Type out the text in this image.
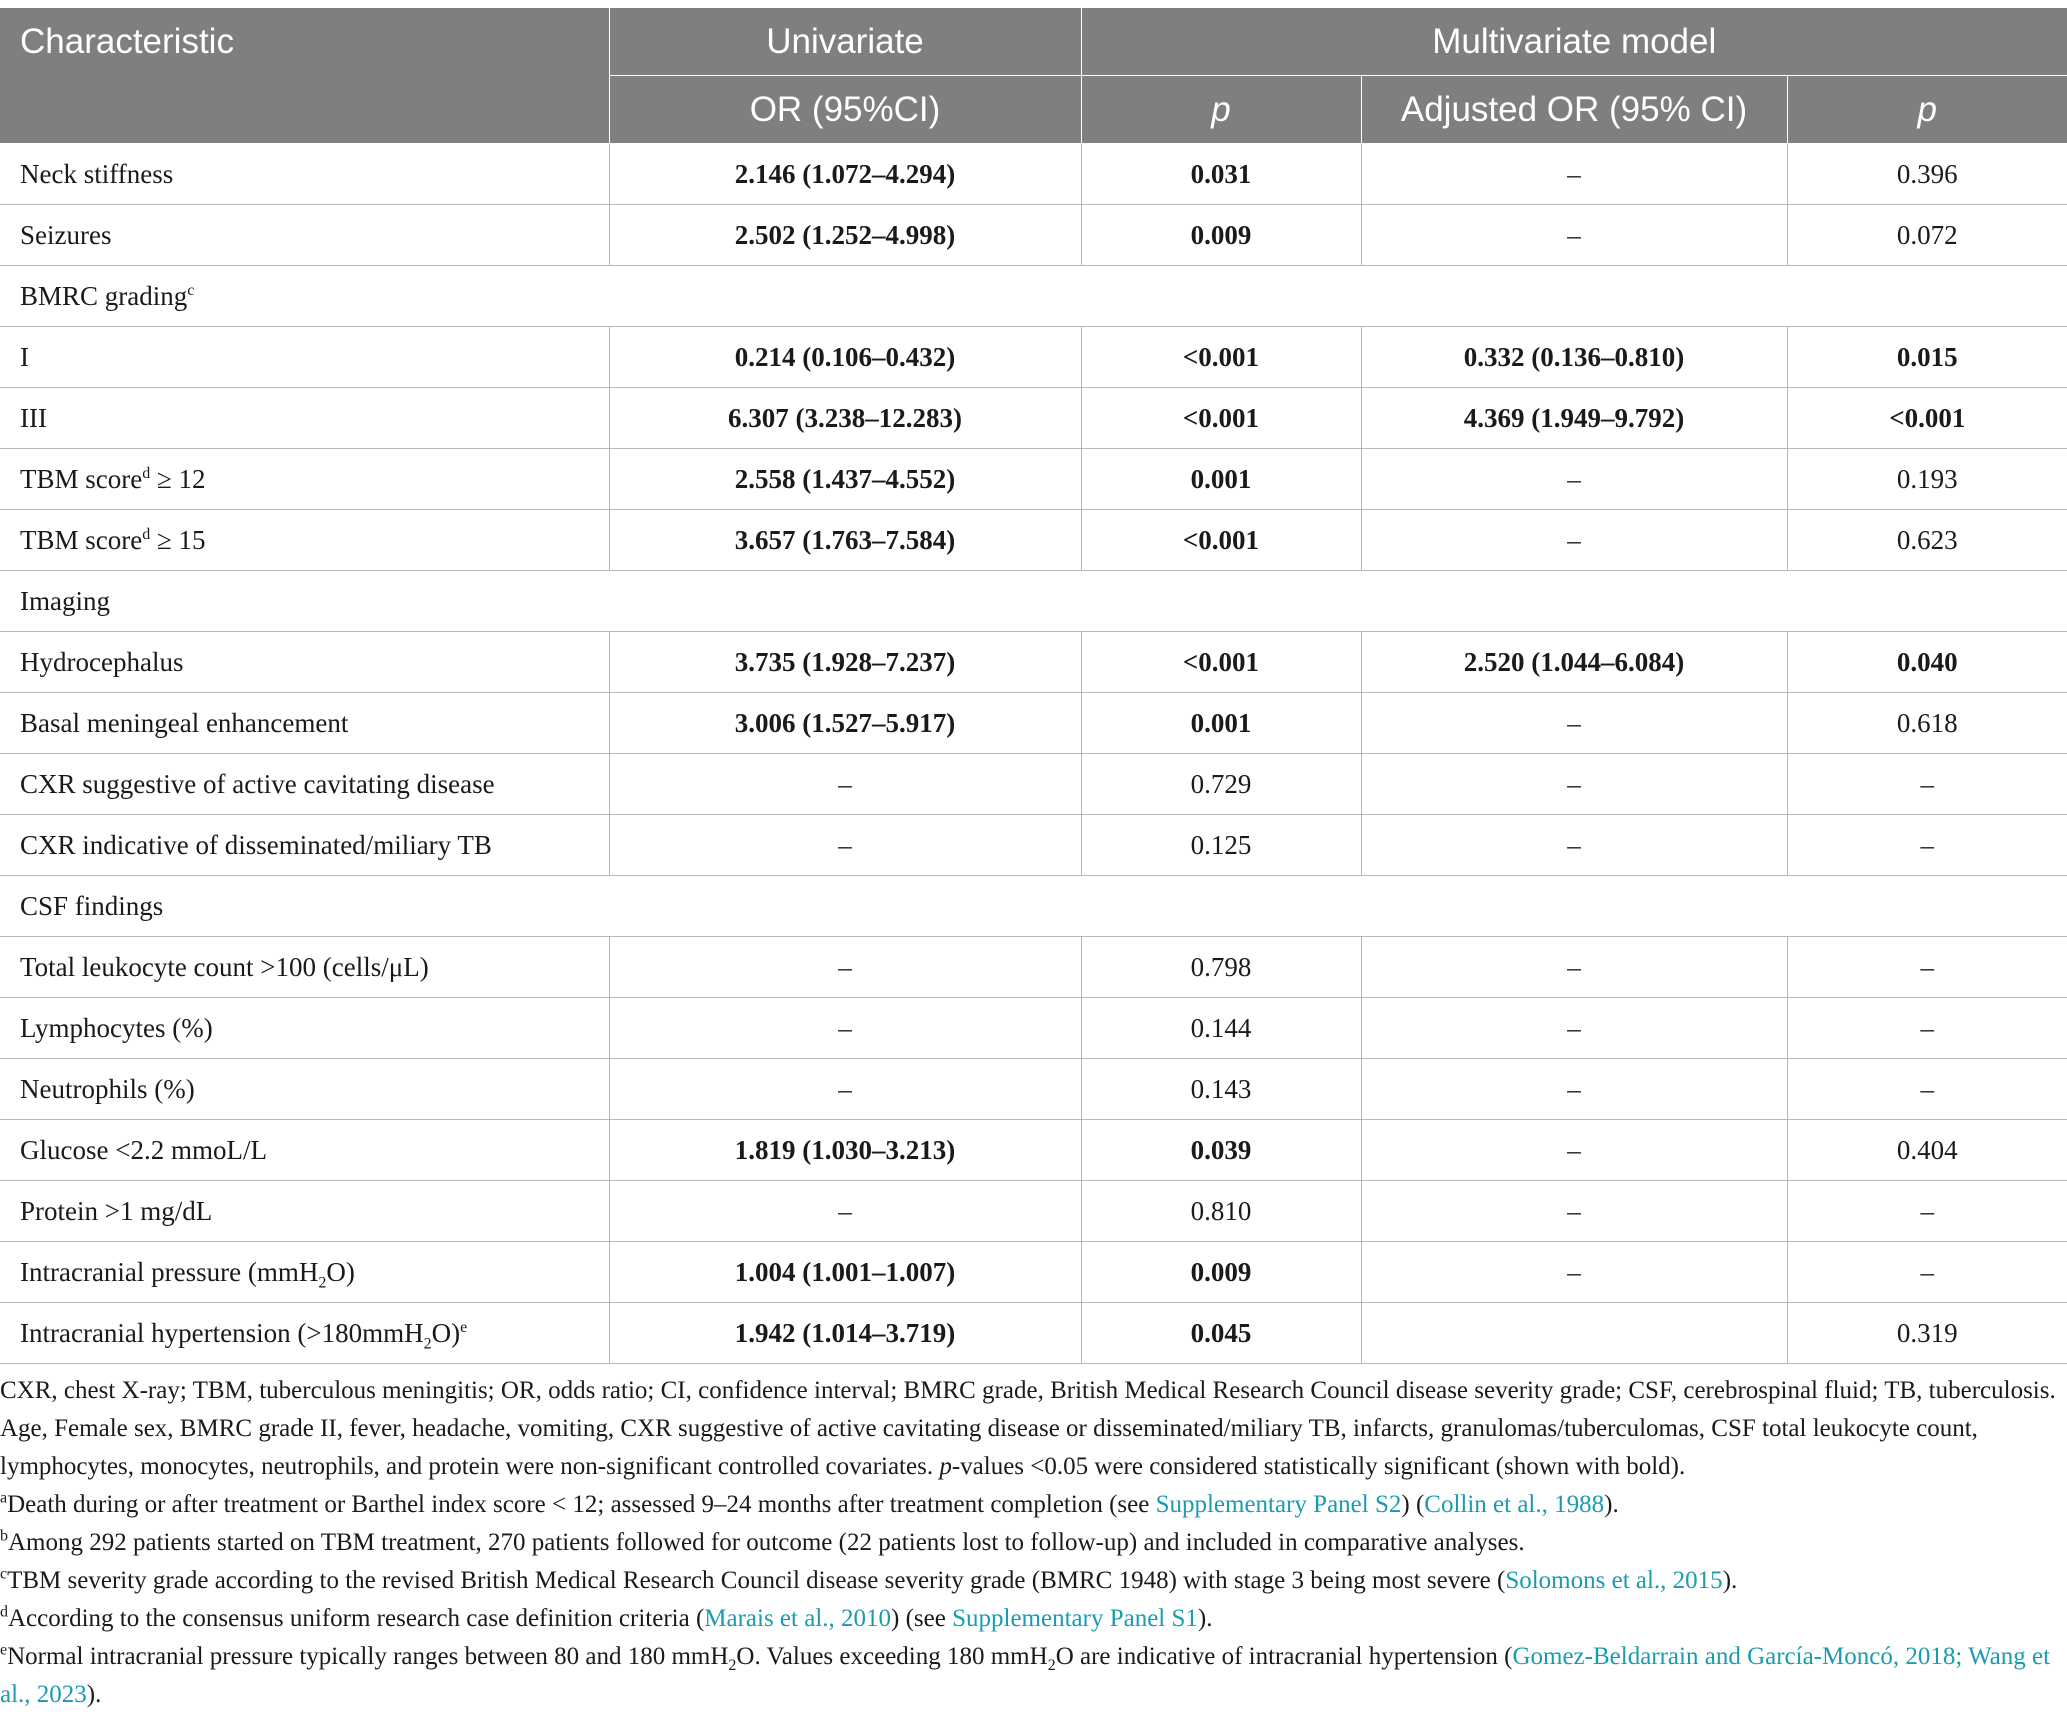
Characteristic	Univariate	Multivariate model		
	OR (95%CI)	p	Adjusted OR (95% CI)	p
Neck stiffness	2.146 (1.072–4.294)	0.031	–	0.396
Seizures	2.502 (1.252–4.998)	0.009	–	0.072
BMRC grading$^c$
I	0.214 (0.106–0.432)	<0.001	0.332 (0.136–0.810)	0.015
III	6.307 (3.238–12.283)	<0.001	4.369 (1.949–9.792)	<0.001
TBM score$^d$ ≥ 12	2.558 (1.437–4.552)	0.001	–	0.193
TBM score$^d$ ≥ 15	3.657 (1.763–7.584)	<0.001	–	0.623
Imaging				
Hydrocephalus	3.735 (1.928–7.237)	<0.001	2.520 (1.044–6.084)	0.040
Basal meningeal enhancement	3.006 (1.527–5.917)	0.001	–	0.618
CXR suggestive of active cavitating disease	–	0.729	–	–
CXR indicative of disseminated/miliary TB	–	0.125	–	–
CSF findings				
Total leukocyte count >100 (cells/μL)	–	0.798	–	–
Lymphocytes (%)	–	0.144	–	–
Neutrophils (%)	–	0.143	–	–
Glucose <2.2 mmoL/L	1.819 (1.030–3.213)	0.039	–	0.404
Protein >1 mg/dL	–	0.810	–	–
Intracranial pressure (mmH$_2$O)	1.004 (1.001–1.007)	0.009	–	–
Intracranial hypertension (>180mmH$_2$O)$^e$	1.942 (1.014–3.719)	0.045		0.319

CXR, chest X-ray; TBM, tuberculous meningitis; OR, odds ratio; CI, confidence interval; BMRC grade, British Medical Research Council disease severity grade; CSF, cerebrospinal fluid; TB, tuberculosis. Age, Female sex, BMRC grade II, fever, headache, vomiting, CXR suggestive of active cavitating disease or disseminated/miliary TB, infarcts, granulomas/tuberculomas, CSF total leukocyte count, lymphocytes, monocytes, neutrophils, and protein were non-significant controlled covariates. p-values <0.05 were considered statistically significant (shown with bold).

$^a$Death during or after treatment or Barthel index score < 12; assessed 9–24 months after treatment completion (see Supplementary Panel S2) (Collin et al., 1988).

$^b$Among 292 patients started on TBM treatment, 270 patients followed for outcome (22 patients lost to follow-up) and included in comparative analyses.

$^c$TBM severity grade according to the revised British Medical Research Council disease severity grade (BMRC 1948) with stage 3 being most severe (Solomons et al., 2015).

$^d$According to the consensus uniform research case definition criteria (Marais et al., 2010) (see Supplementary Panel S1).

$^e$Normal intracranial pressure typically ranges between 80 and 180 mmH$_2$O. Values exceeding 180 mmH$_2$O are indicative of intracranial hypertension (Gomez-Beldarrain and García-Moncó, 2018; Wang et al., 2023).
